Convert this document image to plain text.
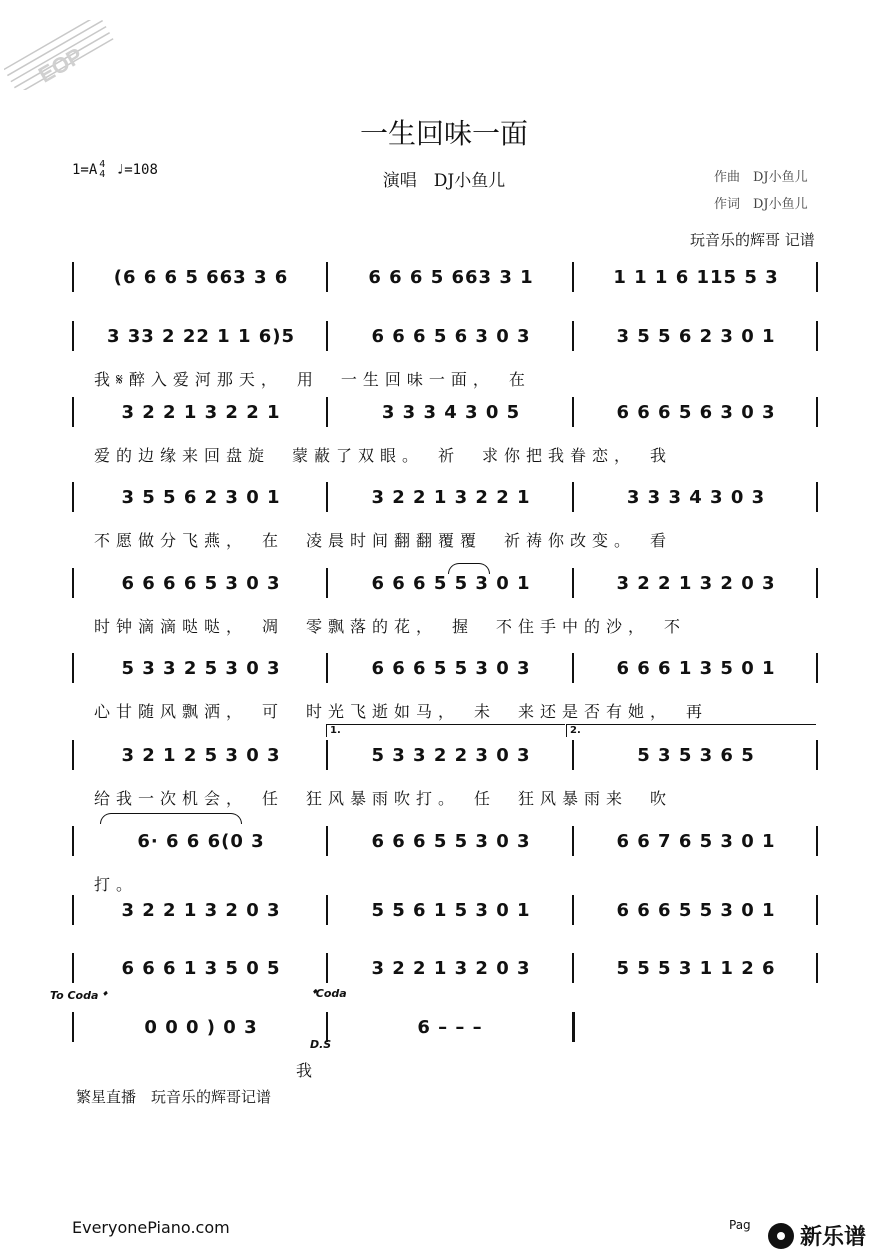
EOP
一生回味一面
1=A 4
4 ♩=108
演唱　DJ小鱼儿	作曲　DJ小鱼儿
作词　DJ小鱼儿
玩音乐的辉哥 记谱
(6 6 6 5 663 3 6	6 6 6 5 663 3 1	1 1 1 6 115 5 3
3 33 2 22 1 1 6)5	6 6 6 5 6 3 0 3	3 5 5 6 2 3 0 1
我𝄋醉入爱河那天，　用　一生回味一面，　在
3 2 2 1 3 2 2 1	3 3 3 4 3 0 5	6 6 6 5 6 3 0 3
爱的边缘来回盘旋　蒙蔽了双眼。　祈　求你把我眷恋，　我
3 5 5 6 2 3 0 1	3 2 2 1 3 2 2 1	3 3 3 4 3 0 3
不愿做分飞燕，　在　凌晨时间翻翻覆覆　祈祷你改变。　看
6 6 6 6 5 3 0 3	6 6 6 5 5 3 0 1	3 2 2 1 3 2 0 3
时钟滴滴哒哒，　凋　零飘落的花，　握　不住手中的沙，　不
5 3 3 2 5 3 0 3	6 6 6 5 5 3 0 3	6 6 6 1 3 5 0 1
心甘随风飘洒，　可　时光飞逝如马，　未　来还是否有她，　再
3 2 1 2 5 3 0 3	5 3 3 2 2 3 0 3	5 3 5 3 6 5
给我一次机会，　任　狂风暴雨吹打。　任　狂风暴雨来　吹
6· 6 6 6(0 3	6 6 6 5 5 3 0 3	6 6 7 6 5 3 0 1
打。
3 2 2 1 3 2 0 3	5 5 6 1 5 3 0 1	6 6 6 5 5 3 0 1
6 6 6 1 3 5 0 5	3 2 2 1 3 2 0 3	5 5 5 3 1 1 2 6
0 0 0 ) 0 3	6 – – –
我
1.	2.
To Coda 𝄌	𝄌Coda
D.S
繁星直播　玩音乐的辉哥记谱
EveryonePiano.com	Pag 新乐谱
